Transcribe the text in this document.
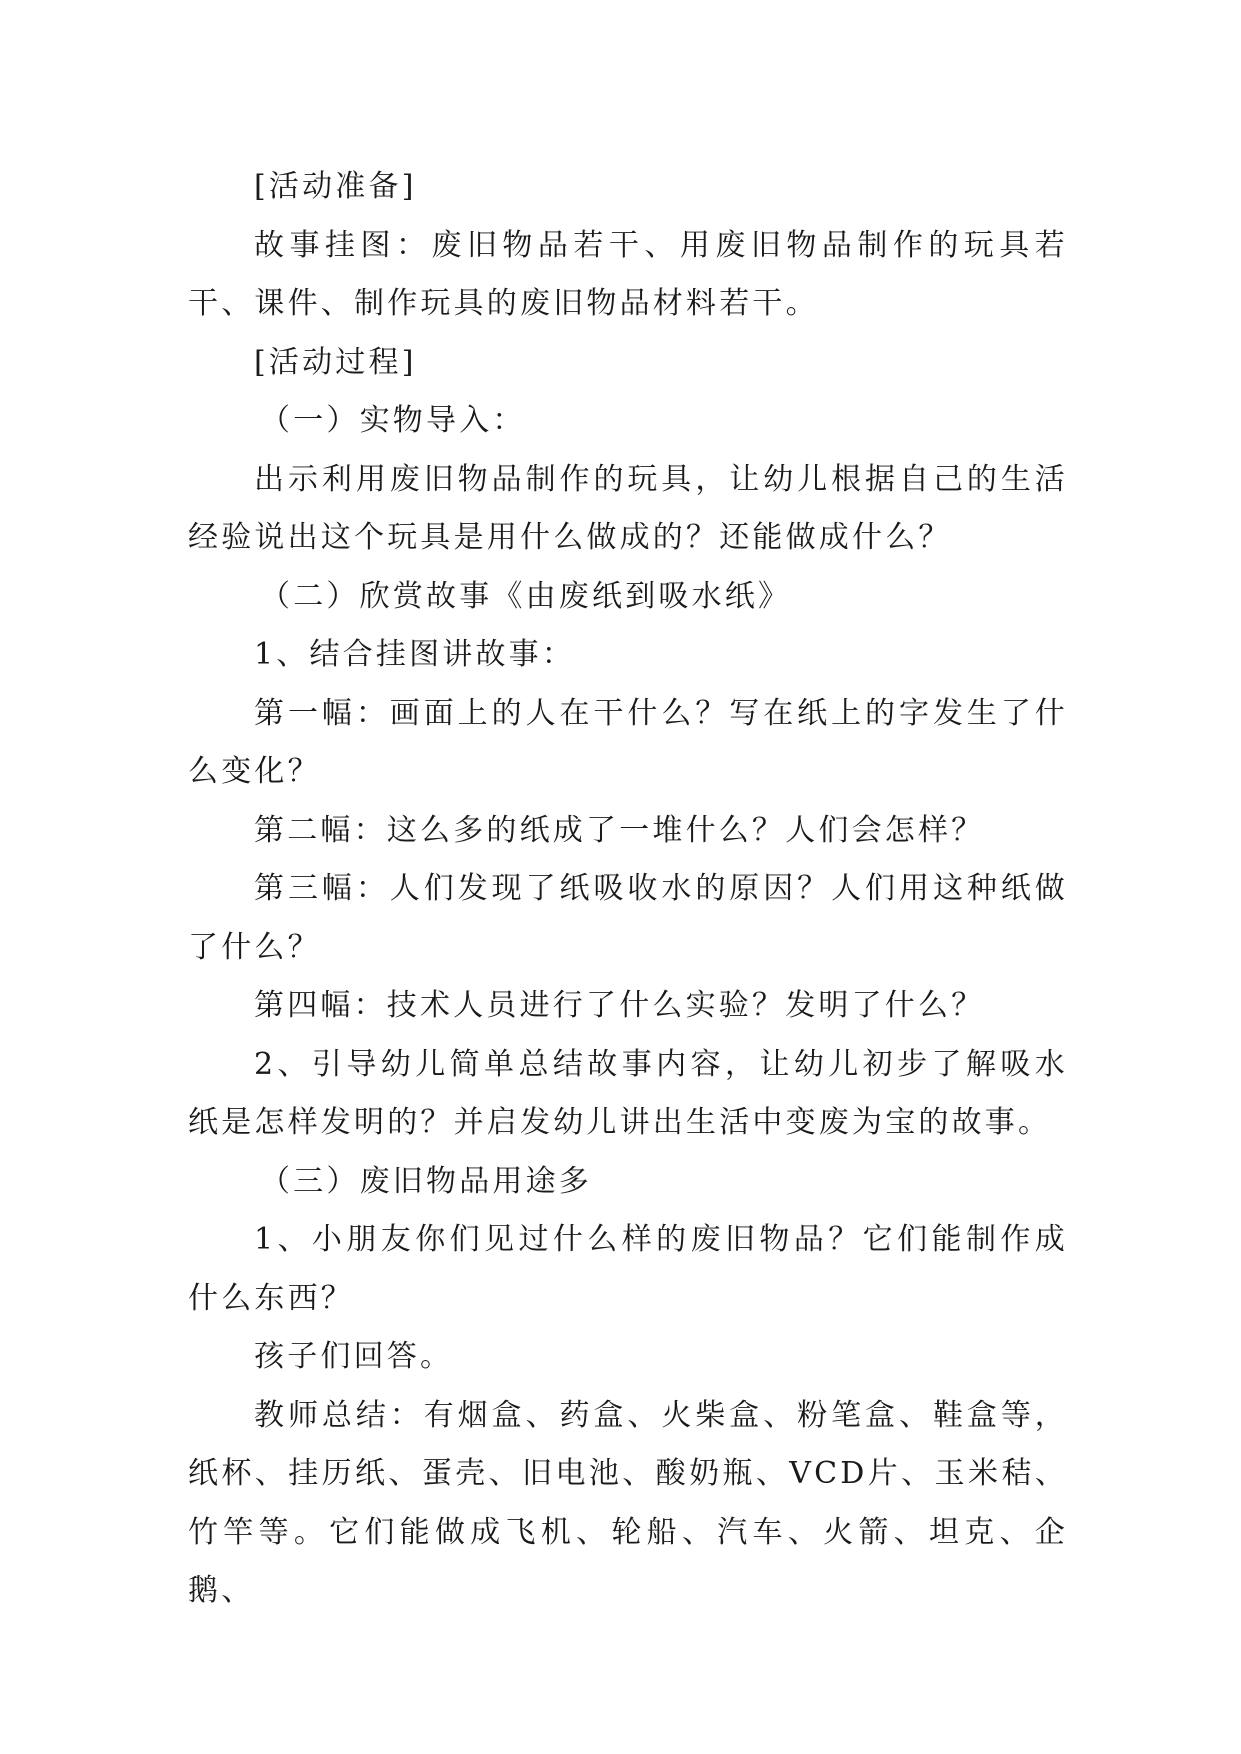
[活动准备]

故事挂图：废旧物品若干、用废旧物品制作的玩具若干、课件、制作玩具的废旧物品材料若干。

[活动过程]

（一）实物导入：

出示利用废旧物品制作的玩具，让幼儿根据自己的生活经验说出这个玩具是用什么做成的？还能做成什么？

（二）欣赏故事《由废纸到吸水纸》

1、结合挂图讲故事：

第一幅：画面上的人在干什么？写在纸上的字发生了什么变化？

第二幅：这么多的纸成了一堆什么？人们会怎样？

第三幅：人们发现了纸吸收水的原因？人们用这种纸做了什么？

第四幅：技术人员进行了什么实验？发明了什么？

2、引导幼儿简单总结故事内容，让幼儿初步了解吸水纸是怎样发明的？并启发幼儿讲出生活中变废为宝的故事。

（三）废旧物品用途多

1、小朋友你们见过什么样的废旧物品？它们能制作成什么东西？

孩子们回答。

教师总结：有烟盒、药盒、火柴盒、粉笔盒、鞋盒等，纸杯、挂历纸、蛋壳、旧电池、酸奶瓶、VCD片、玉米秸、竹竿等。它们能做成飞机、轮船、汽车、火箭、坦克、企鹅、
